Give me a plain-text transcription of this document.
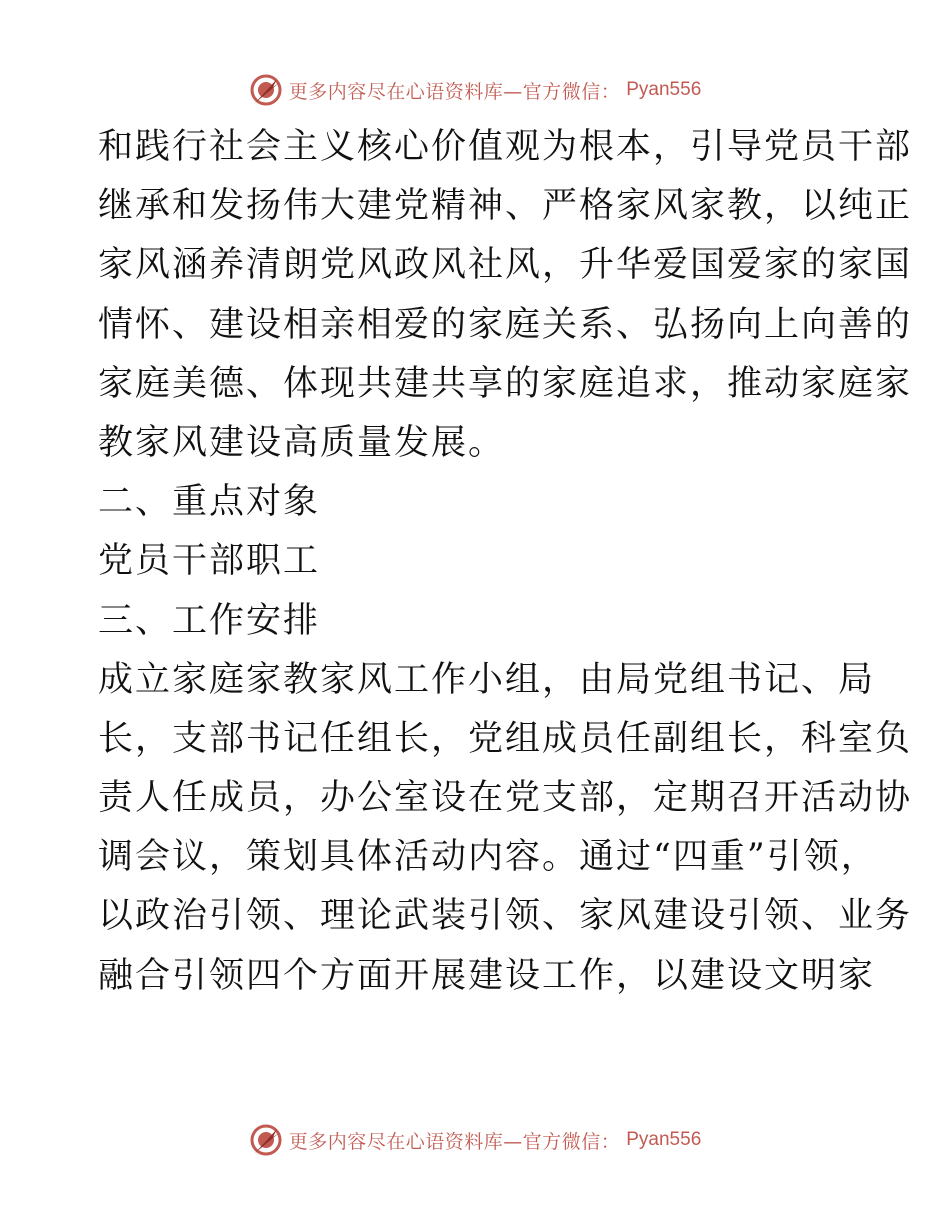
更多内容尽在心语资料库—官方微信： Pyan556
和践行社会主义核心价值观为根本，引导党员干部
继承和发扬伟大建党精神、严格家风家教，以纯正
家风涵养清朗党风政风社风，升华爱国爱家的家国
情怀、建设相亲相爱的家庭关系、弘扬向上向善的
家庭美德、体现共建共享的家庭追求，推动家庭家
教家风建设高质量发展。
二、重点对象
党员干部职工
三、工作安排
成立家庭家教家风工作小组，由局党组书记、局
长，支部书记任组长，党组成员任副组长，科室负
责人任成员，办公室设在党支部，定期召开活动协
调会议，策划具体活动内容。通过“四重”引领，
以政治引领、理论武装引领、家风建设引领、业务
融合引领四个方面开展建设工作，以建设文明家
更多内容尽在心语资料库—官方微信： Pyan556
